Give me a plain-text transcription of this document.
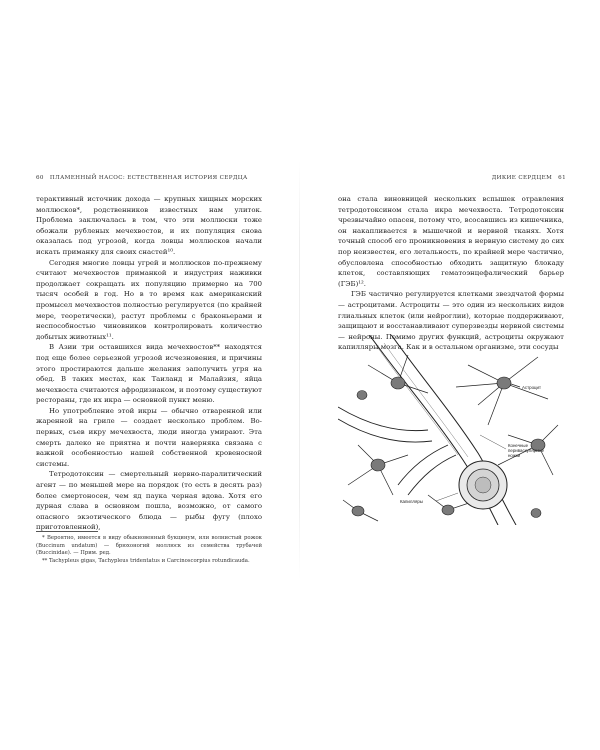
60 ПЛАМЕННЫЙ НАСОС: ЕСТЕСТВЕННАЯ ИСТОРИЯ СЕРДЦА

терактивный источник дохода — крупных хищных морских моллюсков*, родственников известных нам улиток. Проблема заключалась в том, что эти моллюски тоже обожали рубленых мечехвостов, и их популяция снова оказалась под угрозой, когда ловцы моллюсков начали искать приманку для своих снастей¹⁰.

Сегодня многие ловцы угрей и моллюсков по-прежнему считают мечехвостов приманкой и индустрия наживки продолжает сокращать их популяцию примерно на 700 тысяч особей в год. Но в то время как американский промысел мечехвостов полностью регулируется (по крайней мере, теоретически), растут проблемы с браконьерами и неспособностью чиновников контролировать количество добытых животных¹¹.

В Азии три оставшихся вида мечехвостов** находятся под еще более серьезной угрозой исчезновения, и причины этого простираются дальше желания заполучить угря на обед. В таких местах, как Таиланд и Малайзия, яйца мечехвоста считаются афродизиаком, и поэтому существуют рестораны, где их икра — основной пункт меню.

Но употребление этой икры — обычно отваренной или жаренной на гриле — создает несколько проблем. Во-первых, съев икру мечехвоста, люди иногда умирают. Эта смерть далеко не приятна и почти наверняка связана с важной особенностью нашей собственной кровеносной системы.

Тетродотоксин — смертельный нервно-паралитический агент — по меньшей мере на порядок (то есть в десять раз) более смертоносен, чем яд паука черная вдова. Хотя его дурная слава в основном пошла, возможно, от самого опасного экзотического блюда — рыбы фугу (плохо приготовленной),

* Вероятно, имеется в виду обыкновенный букцинум, или волнистый рожок (Buccinum undatum) — брюхоногий моллюск из семейства трубачей (Buccinidae). — Прим. ред.

** Tachypleus gigas, Tachypleus tridentatus и Carcinoscorpius rotundicauda.

ДИКИЕ СЕРДЦЕМ 61

она стала виновницей нескольких вспышек отравления тетродотоксином стала икра мечехвоста. Тетродотоксин чрезвычайно опасен, потому что, всосавшись из кишечника, он накапливается в мышечной и нервной тканях. Хотя точный способ его проникновения в нервную систему до сих пор неизвестен, его летальность, по крайней мере частично, обусловлена способностью обходить защитную блокаду клеток, составляющих гематоэнцефалический барьер (ГЭБ)¹².

ГЭБ частично регулируется клетками звездчатой формы — астроцитами. Астроциты — это один из нескольких видов глиальных клеток (или нейроглии), которые поддерживают, защищают и восстанавливают суперзвезды нервной системы — нейроны. Помимо других функций, астроциты окружают капилляры мозга. Как и в остальном организме, эти сосуды

Астроцит
Конечные
периваскулярные
ножки
Капилляры
